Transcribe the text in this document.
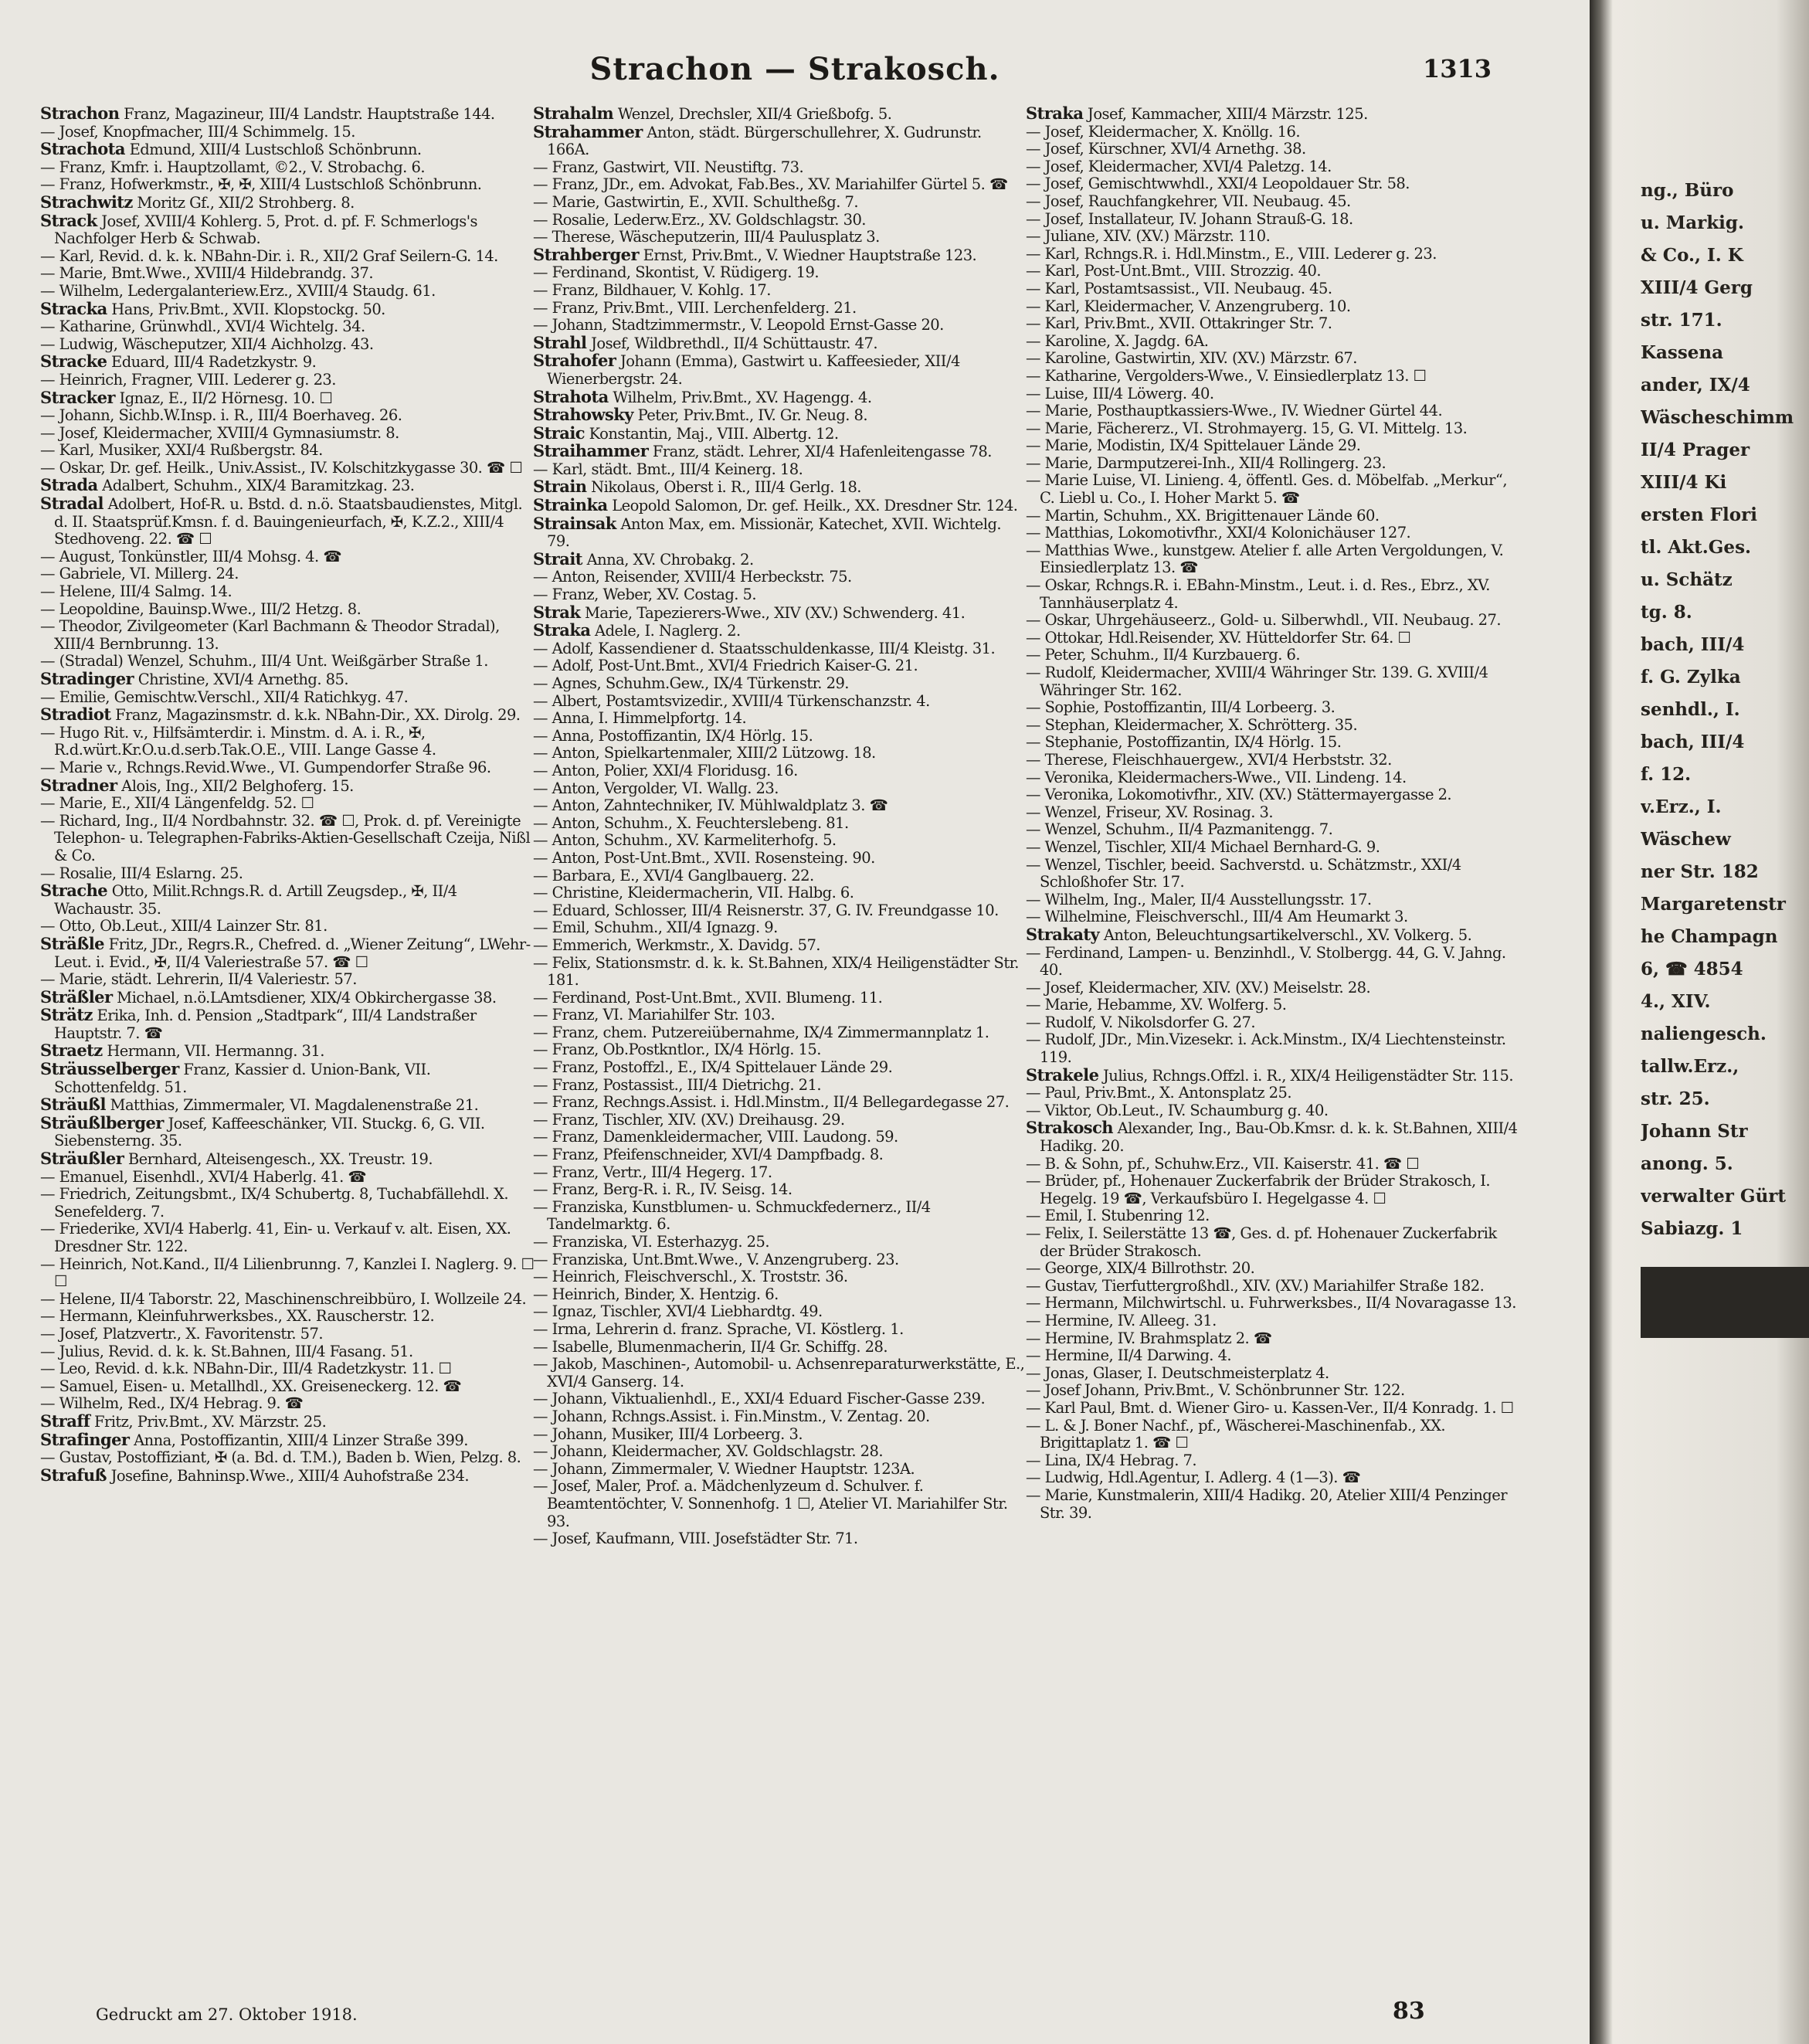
Strachon — Strakosch.	1313

Strachon Franz, Magazineur, III/4 Landstr. Hauptstraße 144.

— Josef, Knopfmacher, III/4 Schimmelg. 15.

Strachota Edmund, XIII/4 Lustschloß Schönbrunn.

— Franz, Kmfr. i. Hauptzollamt, ©2., V. Strobachg. 6.

— Franz, Hofwerkmstr., ✠, ✠, XIII/4 Lustschloß Schönbrunn.

Strachwitz Moritz Gf., XII/2 Strohberg. 8.

Strack Josef, XVIII/4 Kohlerg. 5, Prot. d. pf. F. Schmerlogs's Nachfolger Herb & Schwab.

— Karl, Revid. d. k. k. NBahn-Dir. i. R., XII/2 Graf Seilern-G. 14.

— Marie, Bmt.Wwe., XVIII/4 Hildebrandg. 37.

— Wilhelm, Ledergalanteriew.Erz., XVIII/4 Staudg. 61.

Stracka Hans, Priv.Bmt., XVII. Klopstockg. 50.

— Katharine, Grünwhdl., XVI/4 Wichtelg. 34.

— Ludwig, Wäscheputzer, XII/4 Aichholzg. 43.

Stracke Eduard, III/4 Radetzkystr. 9.

— Heinrich, Fragner, VIII. Lederer g. 23.

Stracker Ignaz, E., II/2 Hörnesg. 10. ☐

— Johann, Sichb.W.Insp. i. R., III/4 Boerhaveg. 26.

— Josef, Kleidermacher, XVIII/4 Gymnasiumstr. 8.

— Karl, Musiker, XXI/4 Rußbergstr. 84.

— Oskar, Dr. gef. Heilk., Univ.Assist., IV. Kolschitzkygasse 30. ☎ ☐

Strada Adalbert, Schuhm., XIX/4 Baramitzkag. 23.

Stradal Adolbert, Hof-R. u. Bstd. d. n.ö. Staatsbaudienstes, Mitgl. d. II. Staatsprüf.Kmsn. f. d. Bauingenieurfach, ✠, K.Z.2., XIII/4 Stedhoveng. 22. ☎ ☐

— August, Tonkünstler, III/4 Mohsg. 4. ☎

— Gabriele, VI. Millerg. 24.

— Helene, III/4 Salmg. 14.

— Leopoldine, Bauinsp.Wwe., III/2 Hetzg. 8.

— Theodor, Zivilgeometer (Karl Bachmann & Theodor Stradal), XIII/4 Bernbrunng. 13.

— (Stradal) Wenzel, Schuhm., III/4 Unt. Weißgärber Straße 1.

Stradinger Christine, XVI/4 Arnethg. 85.

— Emilie, Gemischtw.Verschl., XII/4 Ratichkyg. 47.

Stradiot Franz, Magazinsmstr. d. k.k. NBahn-Dir., XX. Dirolg. 29.

— Hugo Rit. v., Hilfsämterdir. i. Minstm. d. A. i. R., ✠, R.d.würt.Kr.O.u.d.serb.Tak.O.E., VIII. Lange Gasse 4.

— Marie v., Rchngs.Revid.Wwe., VI. Gumpendorfer Straße 96.

Stradner Alois, Ing., XII/2 Belghoferg. 15.

— Marie, E., XII/4 Längenfeldg. 52. ☐

— Richard, Ing., II/4 Nordbahnstr. 32. ☎ ☐, Prok. d. pf. Vereinigte Telephon- u. Telegraphen-Fabriks-Aktien-Gesellschaft Czeija, Nißl & Co.

— Rosalie, III/4 Eslarng. 25.

Strache Otto, Milit.Rchngs.R. d. Artill Zeugsdep., ✠, II/4 Wachaustr. 35.

— Otto, Ob.Leut., XIII/4 Lainzer Str. 81.

Sträßle Fritz, JDr., Regrs.R., Chefred. d. „Wiener Zeitung“, LWehr-Leut. i. Evid., ✠, II/4 Valeriestraße 57. ☎ ☐

— Marie, städt. Lehrerin, II/4 Valeriestr. 57.

Sträßler Michael, n.ö.LAmtsdiener, XIX/4 Obkirchergasse 38.

Strätz Erika, Inh. d. Pension „Stadtpark“, III/4 Landstraßer Hauptstr. 7. ☎

Straetz Hermann, VII. Hermanng. 31.

Sträusselberger Franz, Kassier d. Union-Bank, VII. Schottenfeldg. 51.

Sträußl Matthias, Zimmermaler, VI. Magdalenenstraße 21.

Sträußlberger Josef, Kaffeeschänker, VII. Stuckg. 6, G. VII. Siebensterng. 35.

Sträußler Bernhard, Alteisengesch., XX. Treustr. 19.

— Emanuel, Eisenhdl., XVI/4 Haberlg. 41. ☎

— Friedrich, Zeitungsbmt., IX/4 Schubertg. 8, Tuchabfällehdl. X. Senefelderg. 7.

— Friederike, XVI/4 Haberlg. 41, Ein- u. Verkauf v. alt. Eisen, XX. Dresdner Str. 122.

— Heinrich, Not.Kand., II/4 Lilienbrunng. 7, Kanzlei I. Naglerg. 9. ☐ ☐

— Helene, II/4 Taborstr. 22, Maschinenschreibbüro, I. Wollzeile 24.

— Hermann, Kleinfuhrwerksbes., XX. Rauscherstr. 12.

— Josef, Platzvertr., X. Favoritenstr. 57.

— Julius, Revid. d. k. k. St.Bahnen, III/4 Fasang. 51.

— Leo, Revid. d. k.k. NBahn-Dir., III/4 Radetzkystr. 11. ☐

— Samuel, Eisen- u. Metallhdl., XX. Greiseneckerg. 12. ☎

— Wilhelm, Red., IX/4 Hebrag. 9. ☎

Straff Fritz, Priv.Bmt., XV. Märzstr. 25.

Strafinger Anna, Postoffizantin, XIII/4 Linzer Straße 399.

— Gustav, Postoffiziant, ✠ (a. Bd. d. T.M.), Baden b. Wien, Pelzg. 8.

Strafuß Josefine, Bahninsp.Wwe., XIII/4 Auhofstraße 234.

Strahalm Wenzel, Drechsler, XII/4 Grießbofg. 5.

Strahammer Anton, städt. Bürgerschullehrer, X. Gudrunstr. 166A.

— Franz, Gastwirt, VII. Neustiftg. 73.

— Franz, JDr., em. Advokat, Fab.Bes., XV. Mariahilfer Gürtel 5. ☎

— Marie, Gastwirtin, E., XVII. Schultheßg. 7.

— Rosalie, Lederw.Erz., XV. Goldschlagstr. 30.

— Therese, Wäscheputzerin, III/4 Paulusplatz 3.

Strahberger Ernst, Priv.Bmt., V. Wiedner Hauptstraße 123.

— Ferdinand, Skontist, V. Rüdigerg. 19.

— Franz, Bildhauer, V. Kohlg. 17.

— Franz, Priv.Bmt., VIII. Lerchenfelderg. 21.

— Johann, Stadtzimmermstr., V. Leopold Ernst-Gasse 20.

Strahl Josef, Wildbrethdl., II/4 Schüttaustr. 47.

Strahofer Johann (Emma), Gastwirt u. Kaffeesieder, XII/4 Wienerbergstr. 24.

Strahota Wilhelm, Priv.Bmt., XV. Hagengg. 4.

Strahowsky Peter, Priv.Bmt., IV. Gr. Neug. 8.

Straic Konstantin, Maj., VIII. Albertg. 12.

Straihammer Franz, städt. Lehrer, XI/4 Hafenleitengasse 78.

— Karl, städt. Bmt., III/4 Keinerg. 18.

Strain Nikolaus, Oberst i. R., III/4 Gerlg. 18.

Strainka Leopold Salomon, Dr. gef. Heilk., XX. Dresdner Str. 124.

Strainsak Anton Max, em. Missionär, Katechet, XVII. Wichtelg. 79.

Strait Anna, XV. Chrobakg. 2.

— Anton, Reisender, XVIII/4 Herbeckstr. 75.

— Franz, Weber, XV. Costag. 5.

Strak Marie, Tapezierers-Wwe., XIV (XV.) Schwenderg. 41.

Straka Adele, I. Naglerg. 2.

— Adolf, Kassendiener d. Staatsschuldenkasse, III/4 Kleistg. 31.

— Adolf, Post-Unt.Bmt., XVI/4 Friedrich Kaiser-G. 21.

— Agnes, Schuhm.Gew., IX/4 Türkenstr. 29.

— Albert, Postamtsvizedir., XVIII/4 Türkenschanzstr. 4.

— Anna, I. Himmelpfortg. 14.

— Anna, Postoffizantin, IX/4 Hörlg. 15.

— Anton, Spielkartenmaler, XIII/2 Lützowg. 18.

— Anton, Polier, XXI/4 Floridusg. 16.

— Anton, Vergolder, VI. Wallg. 23.

— Anton, Zahntechniker, IV. Mühlwaldplatz 3. ☎

— Anton, Schuhm., X. Feuchterslebeng. 81.

— Anton, Schuhm., XV. Karmeliterhofg. 5.

— Anton, Post-Unt.Bmt., XVII. Rosensteing. 90.

— Barbara, E., XVI/4 Ganglbauerg. 22.

— Christine, Kleidermacherin, VII. Halbg. 6.

— Eduard, Schlosser, III/4 Reisnerstr. 37, G. IV. Freundgasse 10.

— Emil, Schuhm., XII/4 Ignazg. 9.

— Emmerich, Werkmstr., X. Davidg. 57.

— Felix, Stationsmstr. d. k. k. St.Bahnen, XIX/4 Heiligenstädter Str. 181.

— Ferdinand, Post-Unt.Bmt., XVII. Blumeng. 11.

— Franz, VI. Mariahilfer Str. 103.

— Franz, chem. Putzereiübernahme, IX/4 Zimmermannplatz 1.

— Franz, Ob.Postkntlor., IX/4 Hörlg. 15.

— Franz, Postoffzl., E., IX/4 Spittelauer Lände 29.

— Franz, Postassist., III/4 Dietrichg. 21.

— Franz, Rechngs.Assist. i. Hdl.Minstm., II/4 Bellegardegasse 27.

— Franz, Tischler, XIV. (XV.) Dreihausg. 29.

— Franz, Damenkleidermacher, VIII. Laudong. 59.

— Franz, Pfeifenschneider, XVI/4 Dampfbadg. 8.

— Franz, Vertr., III/4 Hegerg. 17.

— Franz, Berg-R. i. R., IV. Seisg. 14.

— Franziska, Kunstblumen- u. Schmuckfedernerz., II/4 Tandelmarktg. 6.

— Franziska, VI. Esterhazyg. 25.

— Franziska, Unt.Bmt.Wwe., V. Anzengruberg. 23.

— Heinrich, Fleischverschl., X. Troststr. 36.

— Heinrich, Binder, X. Hentzig. 6.

— Ignaz, Tischler, XVI/4 Liebhardtg. 49.

— Irma, Lehrerin d. franz. Sprache, VI. Köstlerg. 1.

— Isabelle, Blumenmacherin, II/4 Gr. Schiffg. 28.

— Jakob, Maschinen-, Automobil- u. Achsenreparaturwerkstätte, E., XVI/4 Ganserg. 14.

— Johann, Viktualienhdl., E., XXI/4 Eduard Fischer-Gasse 239.

— Johann, Rchngs.Assist. i. Fin.Minstm., V. Zentag. 20.

— Johann, Musiker, III/4 Lorbeerg. 3.

— Johann, Kleidermacher, XV. Goldschlagstr. 28.

— Johann, Zimmermaler, V. Wiedner Hauptstr. 123A.

— Josef, Maler, Prof. a. Mädchenlyzeum d. Schulver. f. Beamtentöchter, V. Sonnenhofg. 1 ☐, Atelier VI. Mariahilfer Str. 93.

— Josef, Kaufmann, VIII. Josefstädter Str. 71.

Straka Josef, Kammacher, XIII/4 Märzstr. 125.

— Josef, Kleidermacher, X. Knöllg. 16.

— Josef, Kürschner, XVI/4 Arnethg. 38.

— Josef, Kleidermacher, XVI/4 Paletzg. 14.

— Josef, Gemischtwwhdl., XXI/4 Leopoldauer Str. 58.

— Josef, Rauchfangkehrer, VII. Neubaug. 45.

— Josef, Installateur, IV. Johann Strauß-G. 18.

— Juliane, XIV. (XV.) Märzstr. 110.

— Karl, Rchngs.R. i. Hdl.Minstm., E., VIII. Lederer g. 23.

— Karl, Post-Unt.Bmt., VIII. Strozzig. 40.

— Karl, Postamtsassist., VII. Neubaug. 45.

— Karl, Kleidermacher, V. Anzengruberg. 10.

— Karl, Priv.Bmt., XVII. Ottakringer Str. 7.

— Karoline, X. Jagdg. 6A.

— Karoline, Gastwirtin, XIV. (XV.) Märzstr. 67.

— Katharine, Vergolders-Wwe., V. Einsiedlerplatz 13. ☐

— Luise, III/4 Löwerg. 40.

— Marie, Posthauptkassiers-Wwe., IV. Wiedner Gürtel 44.

— Marie, Fächererz., VI. Strohmayerg. 15, G. VI. Mittelg. 13.

— Marie, Modistin, IX/4 Spittelauer Lände 29.

— Marie, Darmputzerei-Inh., XII/4 Rollingerg. 23.

— Marie Luise, VI. Linieng. 4, öffentl. Ges. d. Möbelfab. „Merkur“, C. Liebl u. Co., I. Hoher Markt 5. ☎

— Martin, Schuhm., XX. Brigittenauer Lände 60.

— Matthias, Lokomotivfhr., XXI/4 Kolonichäuser 127.

— Matthias Wwe., kunstgew. Atelier f. alle Arten Vergoldungen, V. Einsiedlerplatz 13. ☎

— Oskar, Rchngs.R. i. EBahn-Minstm., Leut. i. d. Res., Ebrz., XV. Tannhäuserplatz 4.

— Oskar, Uhrgehäuseerz., Gold- u. Silberwhdl., VII. Neubaug. 27.

— Ottokar, Hdl.Reisender, XV. Hütteldorfer Str. 64. ☐

— Peter, Schuhm., II/4 Kurzbauerg. 6.

— Rudolf, Kleidermacher, XVIII/4 Währinger Str. 139. G. XVIII/4 Währinger Str. 162.

— Sophie, Postoffizantin, III/4 Lorbeerg. 3.

— Stephan, Kleidermacher, X. Schrötterg. 35.

— Stephanie, Postoffizantin, IX/4 Hörlg. 15.

— Therese, Fleischhauergew., XVI/4 Herbststr. 32.

— Veronika, Kleidermachers-Wwe., VII. Lindeng. 14.

— Veronika, Lokomotivfhr., XIV. (XV.) Stättermayergasse 2.

— Wenzel, Friseur, XV. Rosinag. 3.

— Wenzel, Schuhm., II/4 Pazmanitengg. 7.

— Wenzel, Tischler, XII/4 Michael Bernhard-G. 9.

— Wenzel, Tischler, beeid. Sachverstd. u. Schätzmstr., XXI/4 Schloßhofer Str. 17.

— Wilhelm, Ing., Maler, II/4 Ausstellungsstr. 17.

— Wilhelmine, Fleischverschl., III/4 Am Heumarkt 3.

Strakaty Anton, Beleuchtungsartikelverschl., XV. Volkerg. 5.

— Ferdinand, Lampen- u. Benzinhdl., V. Stolbergg. 44, G. V. Jahng. 40.

— Josef, Kleidermacher, XIV. (XV.) Meiselstr. 28.

— Marie, Hebamme, XV. Wolferg. 5.

— Rudolf, V. Nikolsdorfer G. 27.

— Rudolf, JDr., Min.Vizesekr. i. Ack.Minstm., IX/4 Liechtensteinstr. 119.

Strakele Julius, Rchngs.Offzl. i. R., XIX/4 Heiligenstädter Str. 115.

— Paul, Priv.Bmt., X. Antonsplatz 25.

— Viktor, Ob.Leut., IV. Schaumburg g. 40.

Strakosch Alexander, Ing., Bau-Ob.Kmsr. d. k. k. St.Bahnen, XIII/4 Hadikg. 20.

— B. & Sohn, pf., Schuhw.Erz., VII. Kaiserstr. 41. ☎ ☐

— Brüder, pf., Hohenauer Zuckerfabrik der Brüder Strakosch, I. Hegelg. 19 ☎, Verkaufsbüro I. Hegelgasse 4. ☐

— Emil, I. Stubenring 12.

— Felix, I. Seilerstätte 13 ☎, Ges. d. pf. Hohenauer Zuckerfabrik der Brüder Strakosch.

— George, XIX/4 Billrothstr. 20.

— Gustav, Tierfuttergroßhdl., XIV. (XV.) Mariahilfer Straße 182.

— Hermann, Milchwirtschl. u. Fuhrwerksbes., II/4 Novaragasse 13.

— Hermine, IV. Alleeg. 31.

— Hermine, IV. Brahmsplatz 2. ☎

— Hermine, II/4 Darwing. 4.

— Jonas, Glaser, I. Deutschmeisterplatz 4.

— Josef Johann, Priv.Bmt., V. Schönbrunner Str. 122.

— Karl Paul, Bmt. d. Wiener Giro- u. Kassen-Ver., II/4 Konradg. 1. ☐

— L. & J. Boner Nachf., pf., Wäscherei-Maschinenfab., XX. Brigittaplatz 1. ☎ ☐

— Lina, IX/4 Hebrag. 7.

— Ludwig, Hdl.Agentur, I. Adlerg. 4 (1—3). ☎

— Marie, Kunstmalerin, XIII/4 Hadikg. 20, Atelier XIII/4 Penzinger Str. 39.

Gedruckt am 27. Oktober 1918.	83
ng., Büro
u. Markig.
& Co., I. K
XIII/4 Gerg
str. 171.
Kassena
ander, IX/4
Wäscheschimm
II/4 Prager
XIII/4 Ki
ersten Flori
tl. Akt.Ges.
u. Schätz
tg. 8.
bach, III/4
f. G. Zylka
senhdl., I.
bach, III/4
f. 12.
v.Erz., I.
Wäschew
ner Str. 182
Margaretenstr
he Champagn
6, ☎ 4854
4., XIV.
naliengesch.
tallw.Erz.,
str. 25.
Johann Str
anong. 5.
verwalter Gürt
Sabiazg. 1
